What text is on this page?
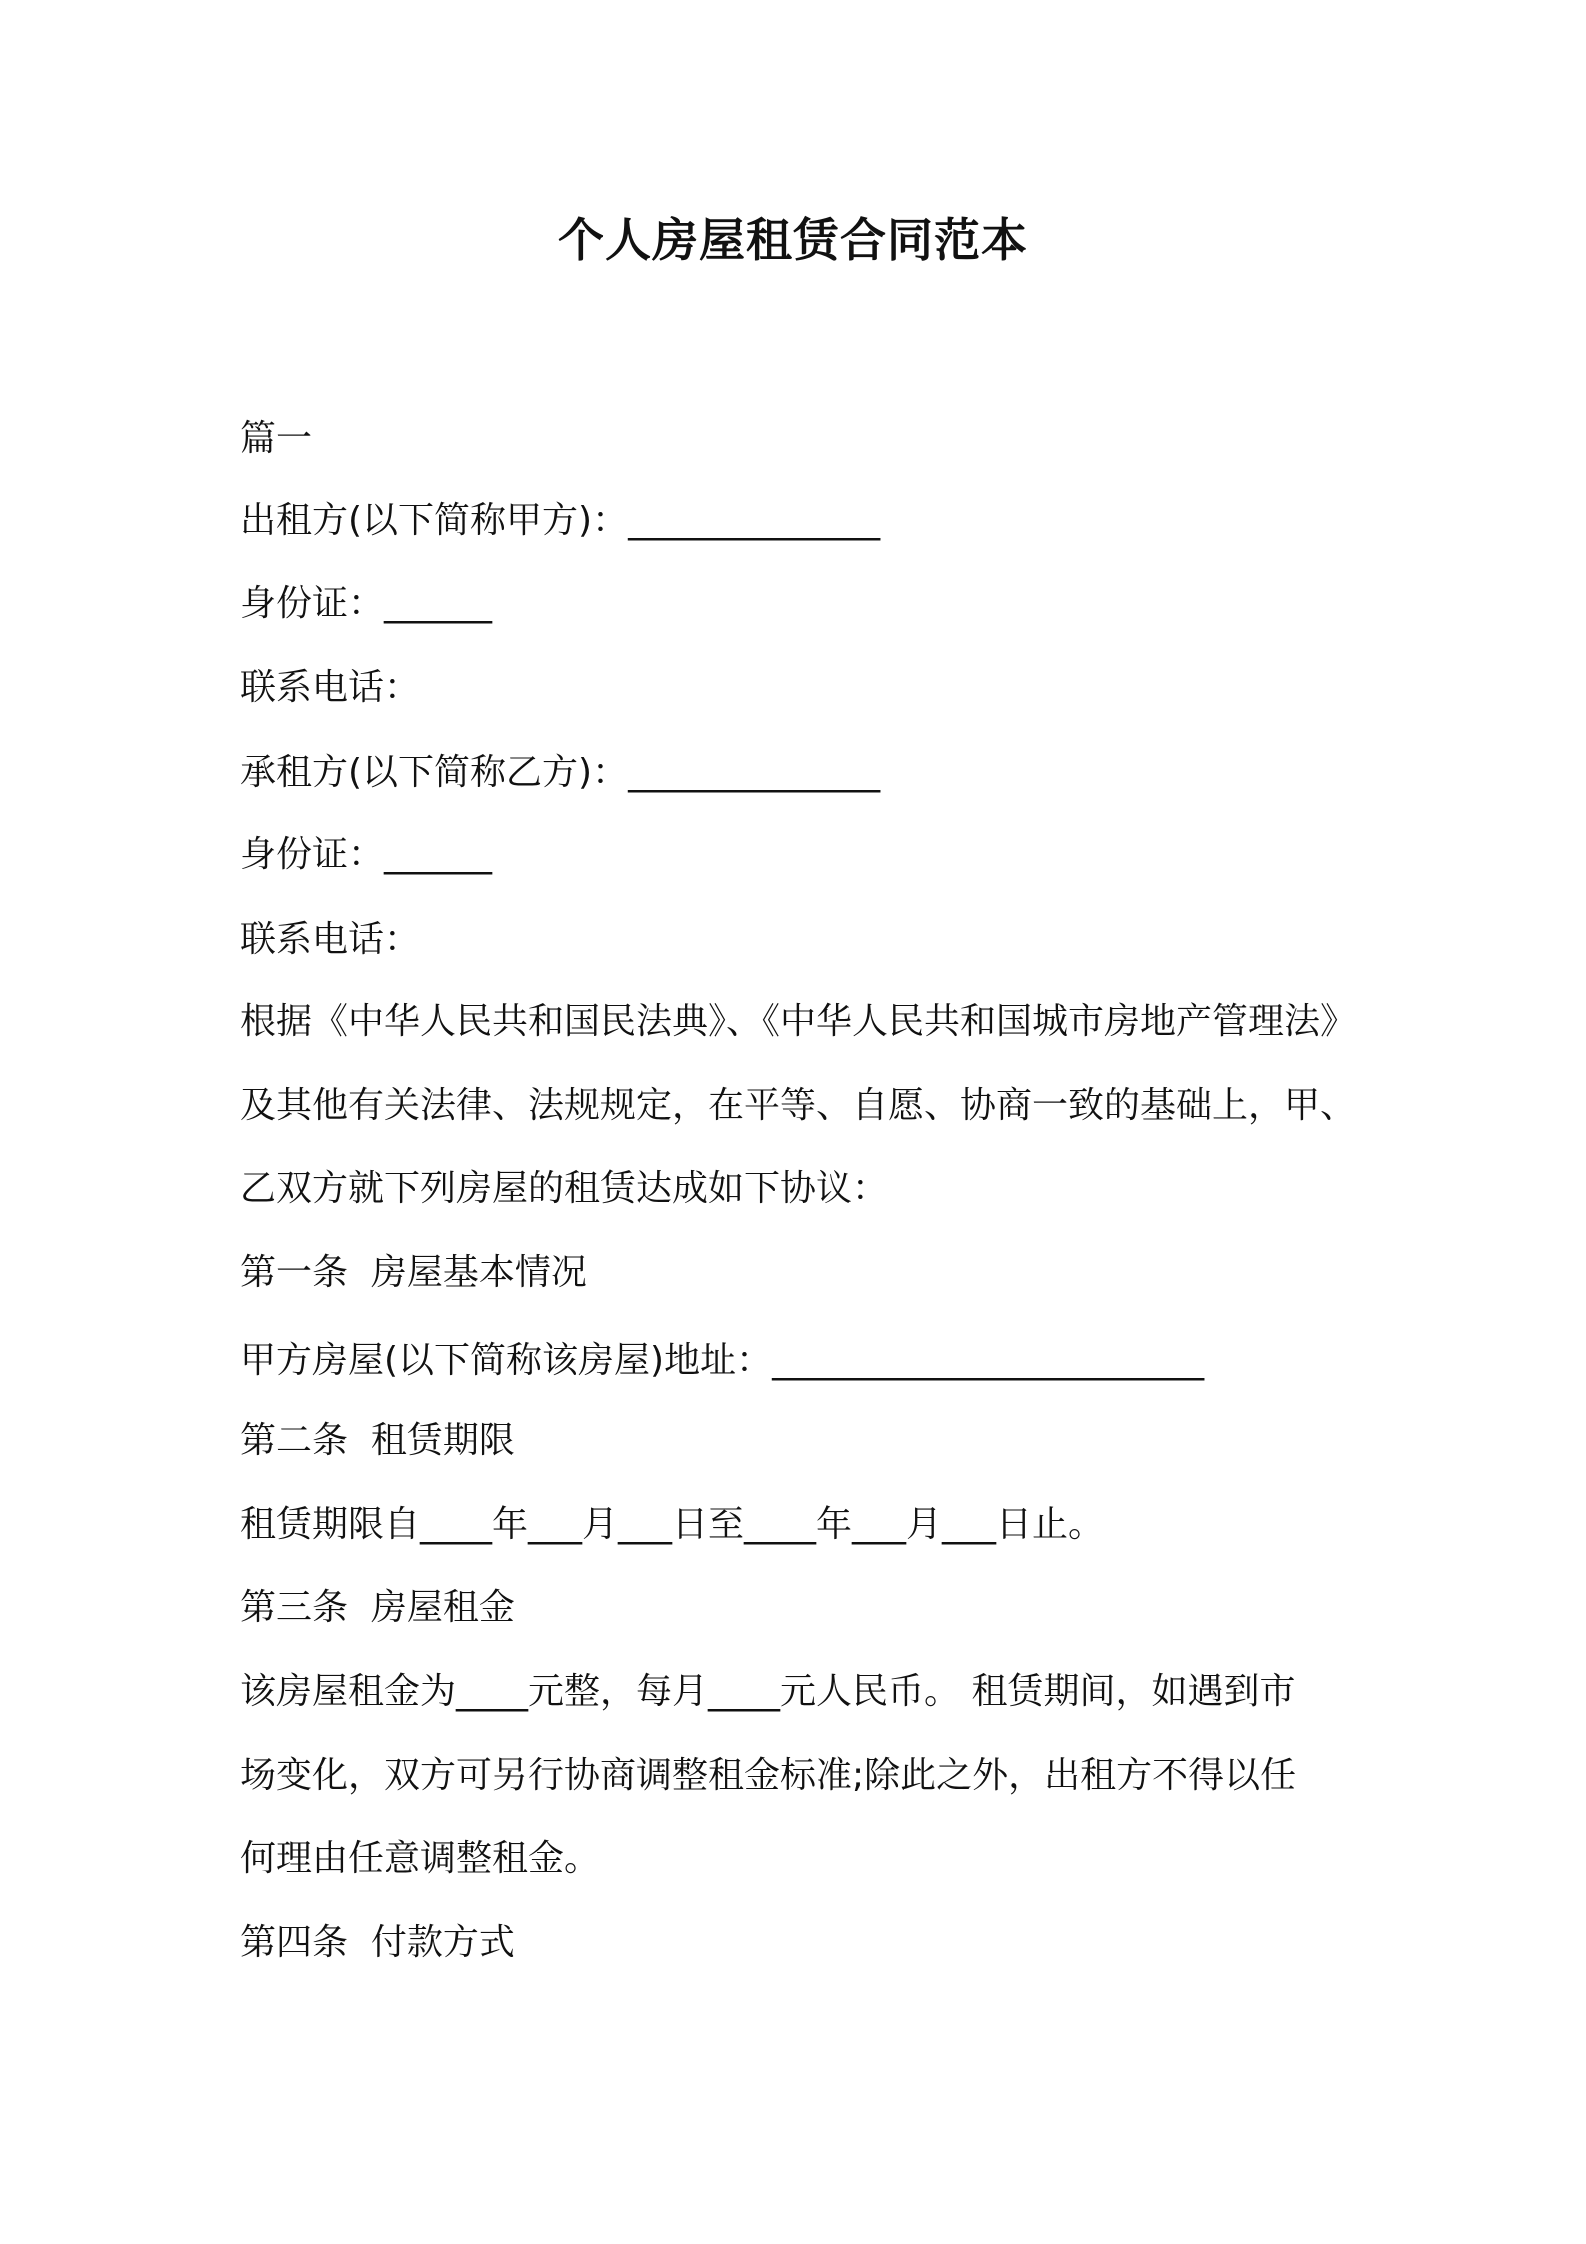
个人房屋租赁合同范本
篇一
出租方(以下简称甲方)：______________
身份证：______
联系电话：
承租方(以下简称乙方)：______________
身份证：______
联系电话：
根据《中华人民共和国民法典》、《中华人民共和国城市房地产管理法》
及其他有关法律、法规规定，在平等、自愿、协商一致的基础上，甲、
乙双方就下列房屋的租赁达成如下协议：
第一条  房屋基本情况
甲方房屋(以下简称该房屋)地址：________________________
第二条  租赁期限
租赁期限自____年___月___日至____年___月___日止。
第三条  房屋租金
该房屋租金为____元整，每月____元人民币。 租赁期间，如遇到市
场变化，双方可另行协商调整租金标准;除此之外，出租方不得以任
何理由任意调整租金。
第四条  付款方式
